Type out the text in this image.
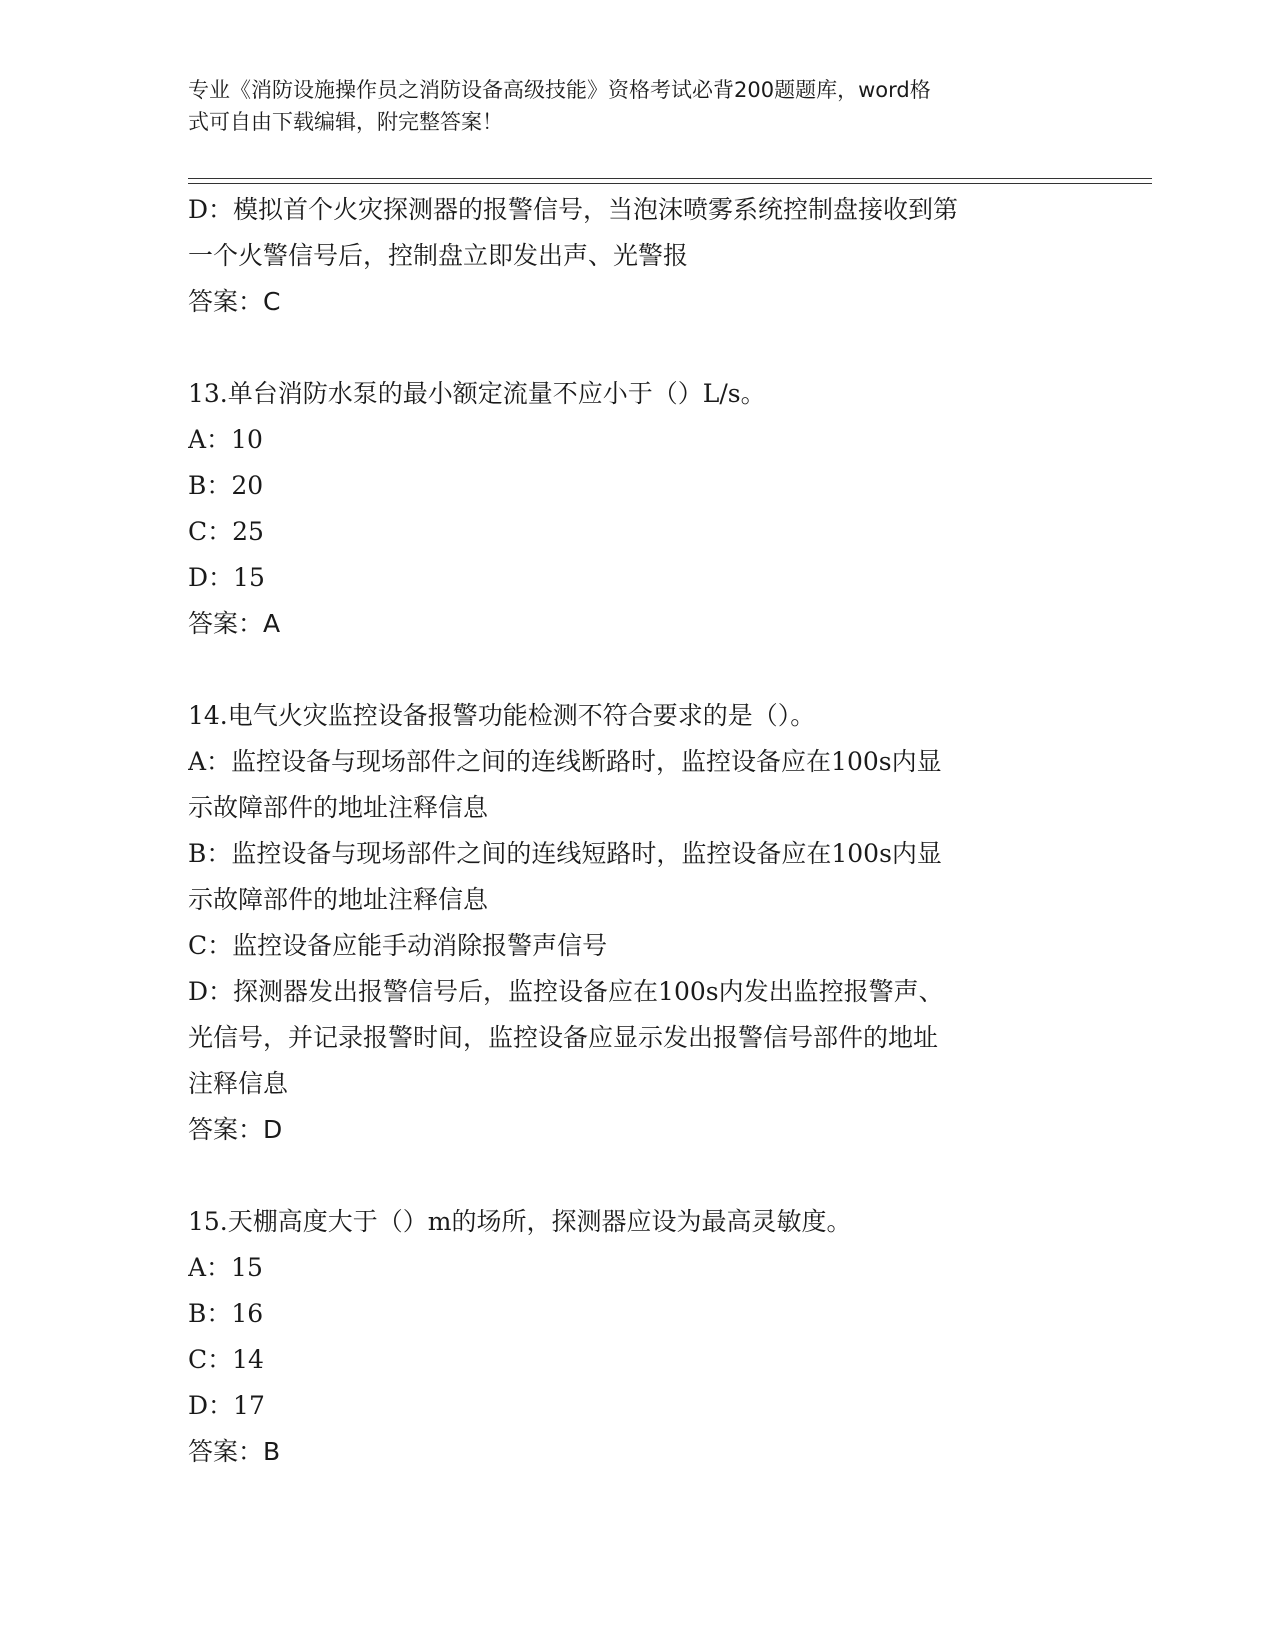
专业《消防设施操作员之消防设备高级技能》资格考试必背200题题库，word格
式可自由下载编辑，附完整答案！
D：模拟首个火灾探测器的报警信号，当泡沫喷雾系统控制盘接收到第
一个火警信号后，控制盘立即发出声、光警报
答案：C
13.单台消防水泵的最小额定流量不应小于（）L/s。
A：10
B：20
C：25
D：15
答案：A
14.电气火灾监控设备报警功能检测不符合要求的是（）。
A：监控设备与现场部件之间的连线断路时，监控设备应在100s内显
示故障部件的地址注释信息
B：监控设备与现场部件之间的连线短路时，监控设备应在100s内显
示故障部件的地址注释信息
C：监控设备应能手动消除报警声信号
D：探测器发出报警信号后，监控设备应在100s内发出监控报警声、
光信号，并记录报警时间，监控设备应显示发出报警信号部件的地址
注释信息
答案：D
15.天棚高度大于（）m的场所，探测器应设为最高灵敏度。
A：15
B：16
C：14
D：17
答案：B
